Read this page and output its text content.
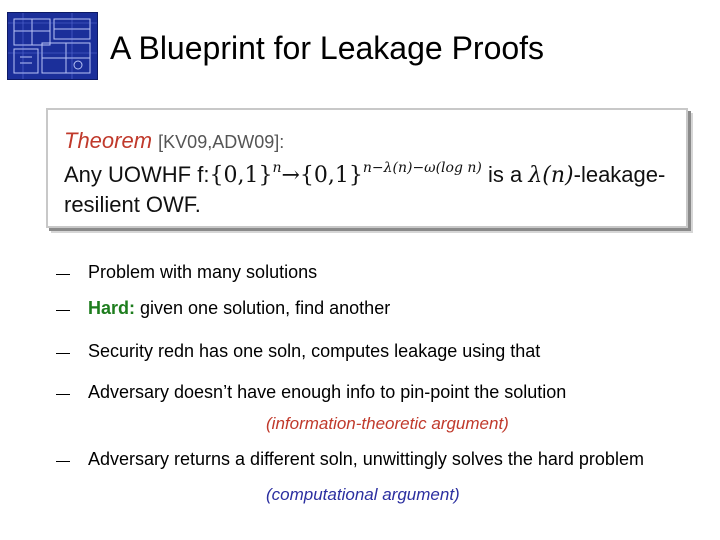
A Blueprint for Leakage Proofs
Theorem [KV09,ADW09]:
Any UOWHF $f:\{0,1\}^n\to\{0,1\}^{n-\lambda(n)-\omega(log n)}$ is a λ(n)-leakage-
resilient OWF.
Problem with many solutions
Hard: given one solution, find another
Security redn has one soln, computes leakage using that
Adversary doesn’t have enough info to pin-point the solution
(information-theoretic argument)
Adversary returns a different soln, unwittingly solves the hard problem
(computational argument)
